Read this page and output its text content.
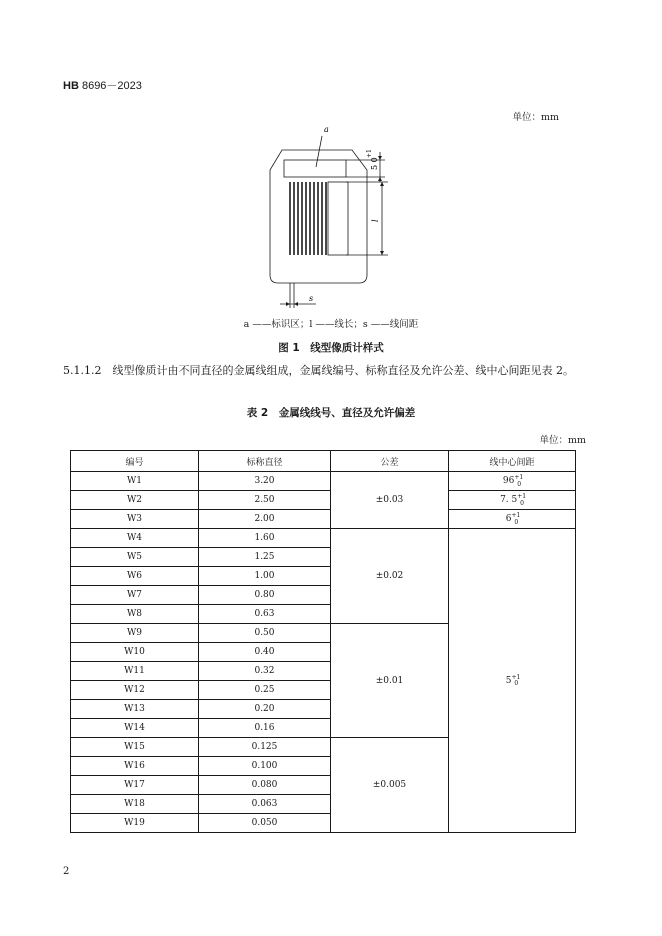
HB 8696－2023
单位：mm
a
5 0
+1
l
s
a ——标识区；l ——线长；s ——线间距
图 1　线型像质计样式
5.1.1.2　线型像质计由不同直径的金属线组成，金属线编号、标称直径及允许公差、线中心间距见表 2。
表 2　金属线线号、直径及允许偏差
单位：mm
编号	标称直径	公差	线中心间距
W1	3.20	±0.03	$96^{+1}_0$
W2	2.50		7. $5^{+1}_0$
W3	2.00		$6^{+1}_0$
W4	1.60	±0.02	$5^{+1}_0$
W5	1.25		
W6	1.00		
W7	0.80		
W8	0.63		
W9	0.50	±0.01	
W10	0.40		
W11	0.32		
W12	0.25		
W13	0.20		
W14	0.16		
W15	0.125	±0.005	
W16	0.100		
W17	0.080		
W18	0.063		
W19	0.050		
2
